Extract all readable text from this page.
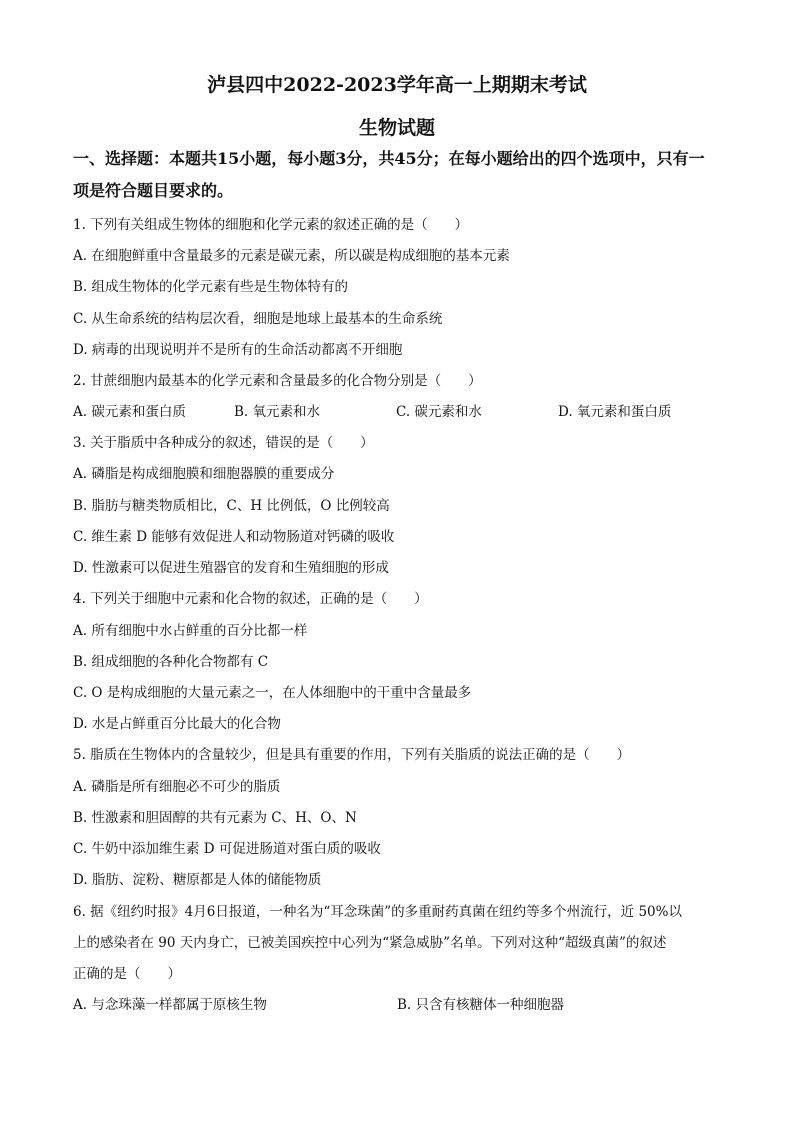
泸县四中2022-2023学年高一上期期末考试
生物试题
一、选择题：本题共15小题，每小题3分，共45分；在每小题给出的四个选项中，只有一
项是符合题目要求的。
1. 下列有关组成生物体的细胞和化学元素的叙述正确的是（　　）
A. 在细胞鲜重中含量最多的元素是碳元素，所以碳是构成细胞的基本元素
B. 组成生物体的化学元素有些是生物体特有的
C. 从生命系统的结构层次看，细胞是地球上最基本的生命系统
D. 病毒的出现说明并不是所有的生命活动都离不开细胞
2. 甘蔗细胞内最基本的化学元素和含量最多的化合物分别是（　　）
A. 碳元素和蛋白质	B. 氧元素和水	C. 碳元素和水	D. 氧元素和蛋白质
3. 关于脂质中各种成分的叙述，错误的是（　　）
A. 磷脂是构成细胞膜和细胞器膜的重要成分
B. 脂肪与糖类物质相比，C、H 比例低，O 比例较高
C. 维生素 D 能够有效促进人和动物肠道对钙磷的吸收
D. 性激素可以促进生殖器官的发育和生殖细胞的形成
4. 下列关于细胞中元素和化合物的叙述，正确的是（　　）
A. 所有细胞中水占鲜重的百分比都一样
B. 组成细胞的各种化合物都有 C
C. O 是构成细胞的大量元素之一，在人体细胞中的干重中含量最多
D. 水是占鲜重百分比最大的化合物
5. 脂质在生物体内的含量较少，但是具有重要的作用，下列有关脂质的说法正确的是（　　）
A. 磷脂是所有细胞必不可少的脂质
B. 性激素和胆固醇的共有元素为 C、H、O、N
C. 牛奶中添加维生素 D 可促进肠道对蛋白质的吸收
D. 脂肪、淀粉、糖原都是人体的储能物质
6. 据《纽约时报》4月6日报道，一种名为“耳念珠菌”的多重耐药真菌在纽约等多个州流行，近 50%以
上的感染者在 90 天内身亡，已被美国疾控中心列为“紧急威胁”名单。下列对这种“超级真菌”的叙述
正确的是（　　）
A. 与念珠藻一样都属于原核生物	B. 只含有核糖体一种细胞器
